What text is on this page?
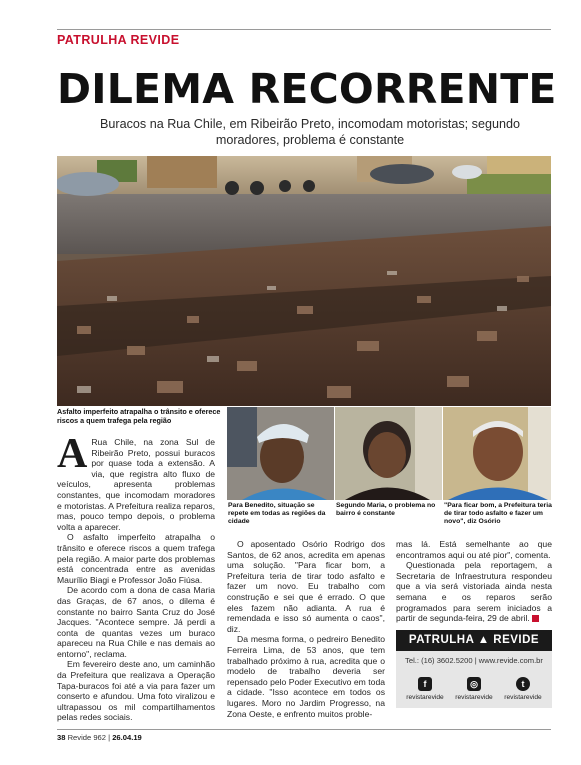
PATRULHA REVIDE
DILEMA RECORRENTE
Buracos na Rua Chile, em Ribeirão Preto, incomodam motoristas; segundo moradores, problema é constante
Asfalto imperfeito atrapalha o trânsito e oferece riscos a quem trafega pela região
Para Benedito, situação se repete em todas as regiões da cidade
Segundo Maria, o problema no bairro é constante
"Para ficar bom, a Prefeitura teria de tirar todo asfalto e fazer um novo", diz Osório

A Rua Chile, na zona Sul de Ribeirão Preto, possui buracos por quase toda a extensão. A via, que registra alto fluxo de veículos, apresenta problemas constantes, que incomodam moradores e motoristas. A Prefeitura realiza reparos, mas, pouco tempo depois, o problema volta a aparecer.

O asfalto imperfeito atrapalha o trânsito e oferece riscos a quem trafega pela região. A maior parte dos problemas está concentrada entre as avenidas Maurílio Biagi e Professor João Fiúsa.

De acordo com a dona de casa Maria das Graças, de 67 anos, o dilema é constante no bairro Santa Cruz do José Jacques. "Acontece sempre. Já perdi a conta de quantas vezes um buraco apareceu na Rua Chile e nas demais ao entorno", reclama.

Em fevereiro deste ano, um caminhão da Prefeitura que realizava a Operação Tapa-buracos foi até a via para fazer um conserto e afundou. Uma foto viralizou e ultrapassou os mil compartilhamentos pelas redes sociais.

O aposentado Osório Rodrigo dos Santos, de 62 anos, acredita em apenas uma solução. "Para ficar bom, a Prefeitura teria de tirar todo asfalto e fazer um novo. Eu trabalho com construção e sei que é errado. O que eles fazem não adianta. A rua é remendada e isso só aumenta o caos", diz.

Da mesma forma, o pedreiro Benedito Ferreira Lima, de 53 anos, que tem trabalhado próximo à rua, acredita que o modelo de trabalho deveria ser repensado pelo Poder Executivo em toda a cidade. "Isso acontece em todos os lugares. Moro no Jardim Progresso, na Zona Oeste, e enfrento muitos proble-

mas lá. Está semelhante ao que encontramos aqui ou até pior", comenta.

Questionada pela reportagem, a Secretaria de Infraestrutura respondeu que a via será vistoriada ainda nesta semana e os reparos serão programados para serem iniciados a partir de segunda-feira, 29 de abril.

PATRULHA ▲ REVIDE
Tel.: (16) 3602.5200 | www.revide.com.br
f
revistarevide
◎
revistarevide
t
revistarevide
38 Revide 962 | 26.04.19
